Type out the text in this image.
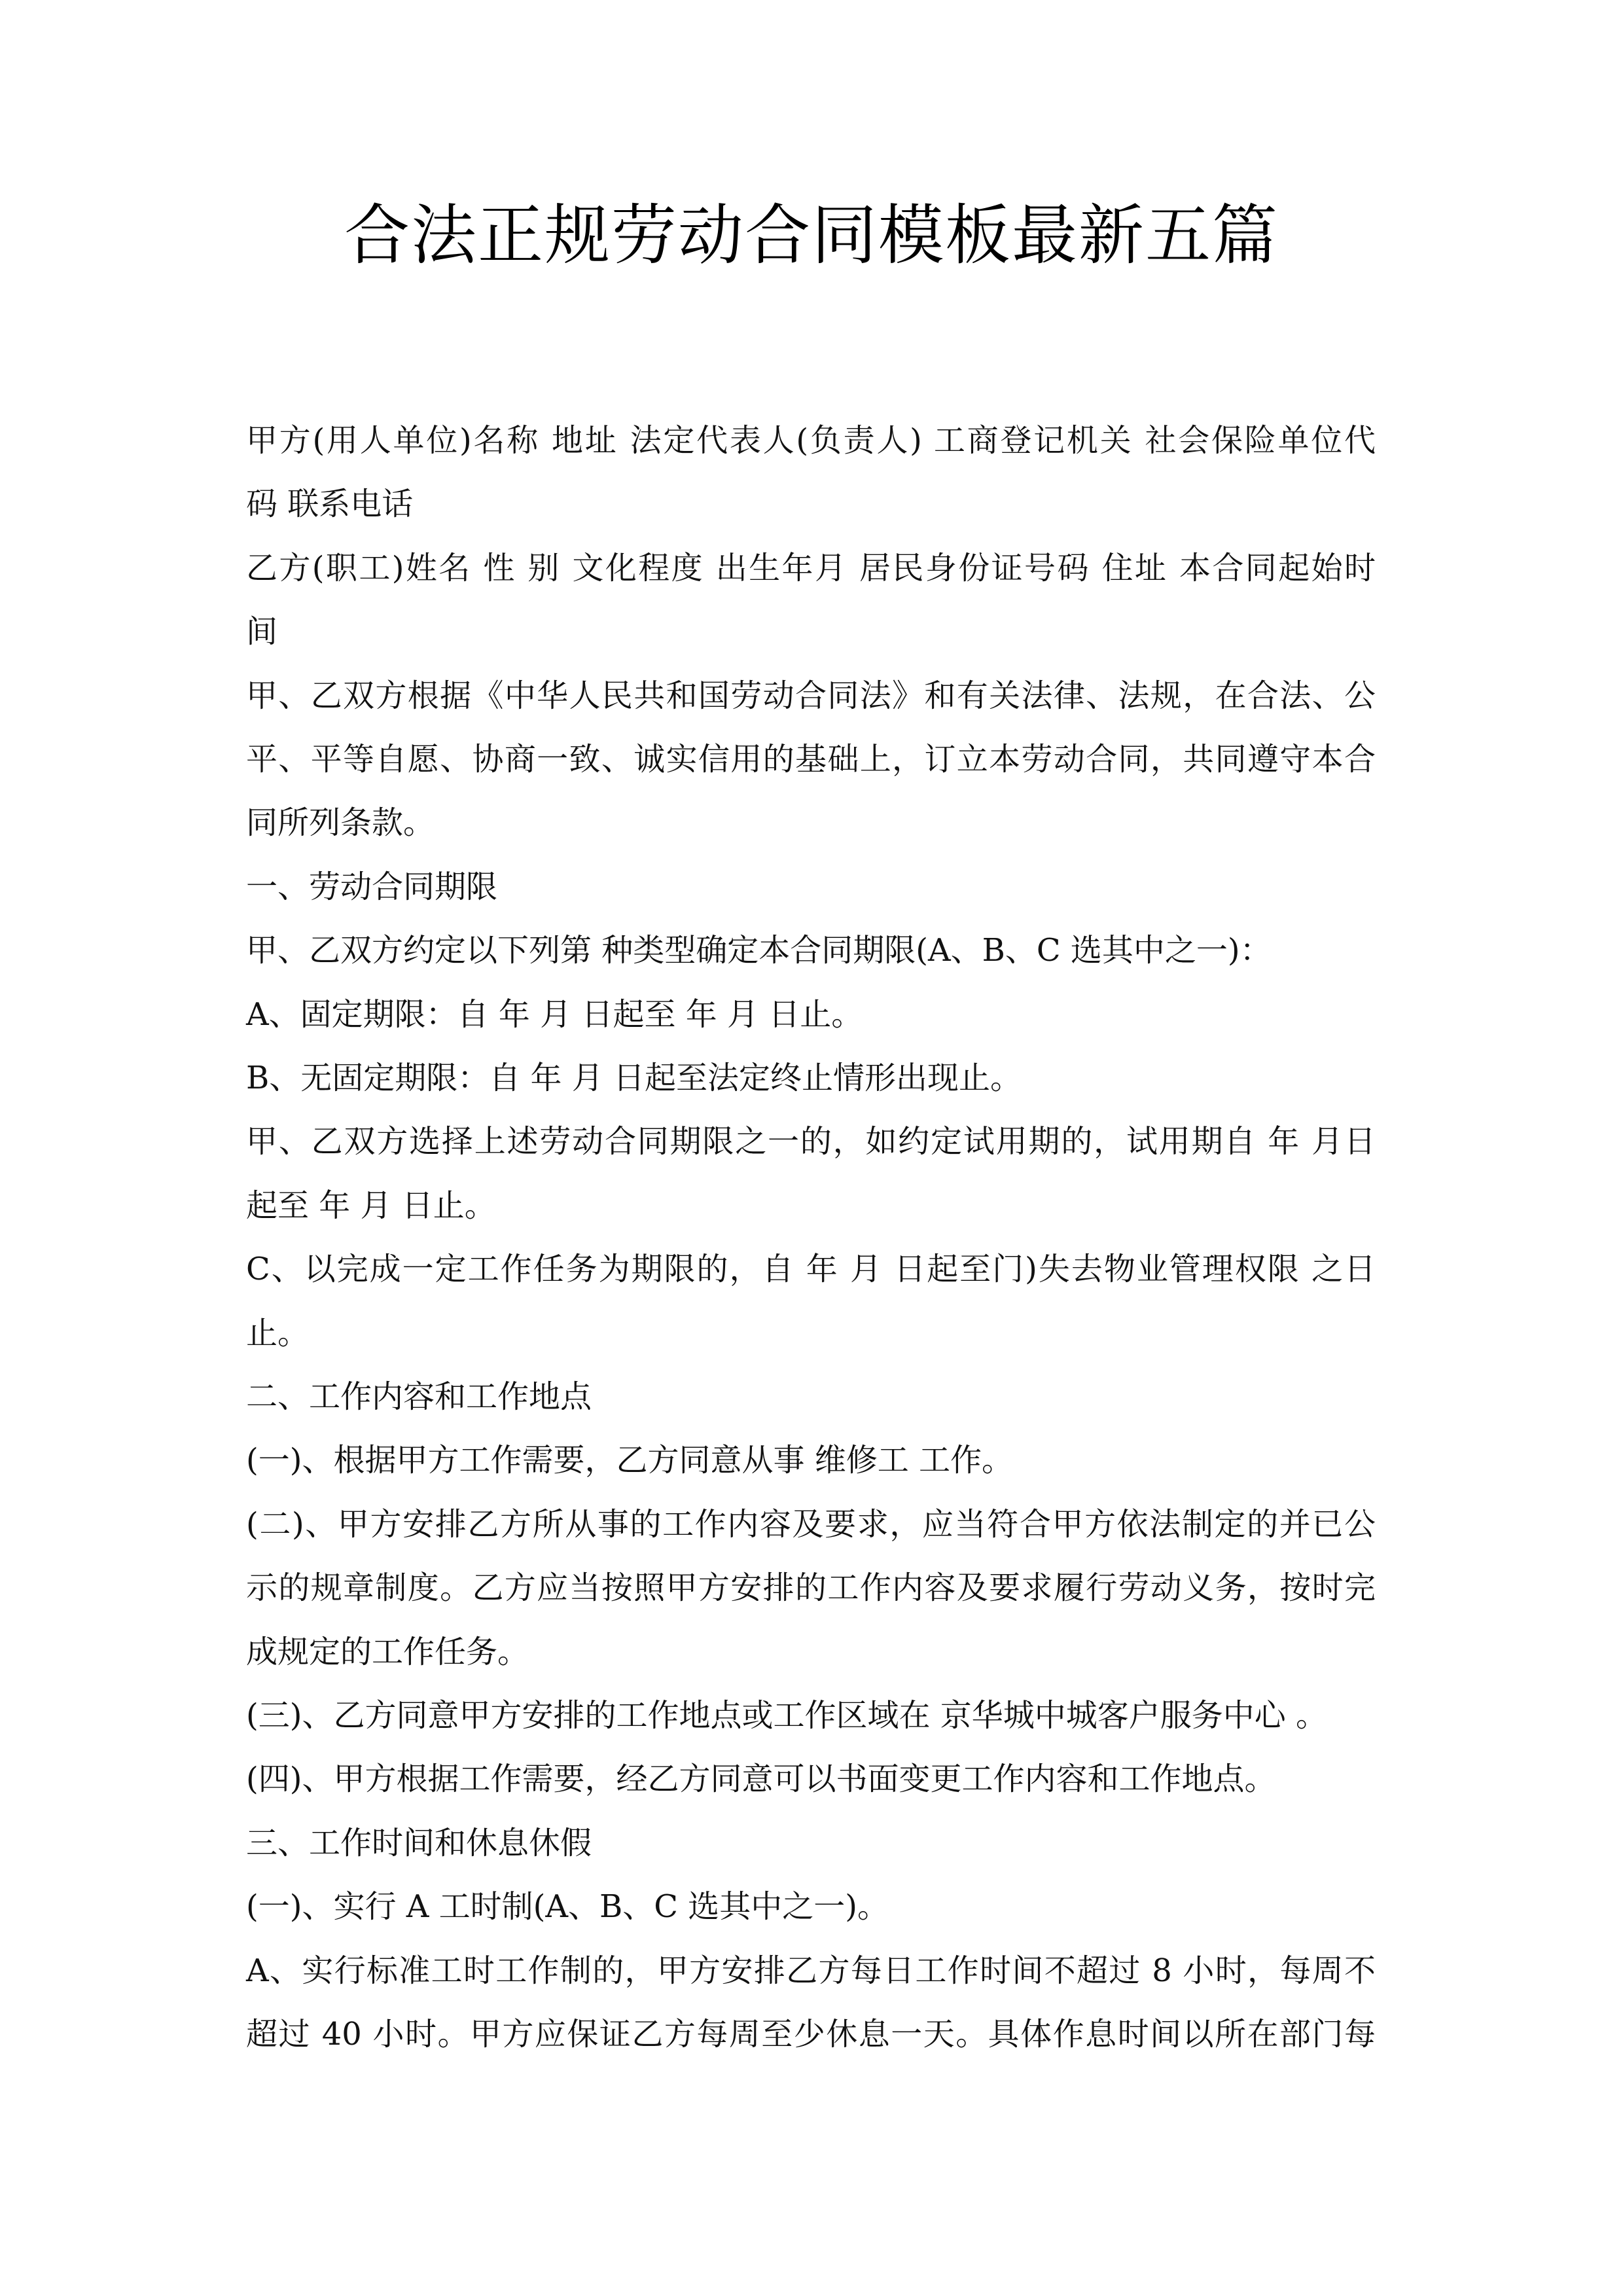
合法正规劳动合同模板最新五篇
甲方(用人单位)名称 地址 法定代表人(负责人) 工商登记机关 社会保险单位代
码 联系电话
乙方(职工)姓名 性 别 文化程度 出生年月 居民身份证号码 住址 本合同起始时
间
甲、乙双方根据《中华人民共和国劳动合同法》和有关法律、法规，在合法、公
平、平等自愿、协商一致、诚实信用的基础上，订立本劳动合同，共同遵守本合
同所列条款。
一、劳动合同期限
甲、乙双方约定以下列第 种类型确定本合同期限(A、B、C 选其中之一)：
A、固定期限：自 年 月 日起至 年 月 日止。
B、无固定期限：自 年 月 日起至法定终止情形出现止。
甲、乙双方选择上述劳动合同期限之一的，如约定试用期的，试用期自 年 月日
起至 年 月 日止。
C、以完成一定工作任务为期限的，自 年 月 日起至门)失去物业管理权限 之日
止。
二、工作内容和工作地点
(一)、根据甲方工作需要，乙方同意从事 维修工 工作。
(二)、甲方安排乙方所从事的工作内容及要求，应当符合甲方依法制定的并已公
示的规章制度。乙方应当按照甲方安排的工作内容及要求履行劳动义务，按时完
成规定的工作任务。
(三)、乙方同意甲方安排的工作地点或工作区域在 京华城中城客户服务中心 。
(四)、甲方根据工作需要，经乙方同意可以书面变更工作内容和工作地点。
三、工作时间和休息休假
(一)、实行 A 工时制(A、B、C 选其中之一)。
A、实行标准工时工作制的，甲方安排乙方每日工作时间不超过 8 小时，每周不
超过 40 小时。甲方应保证乙方每周至少休息一天。具体作息时间以所在部门每
